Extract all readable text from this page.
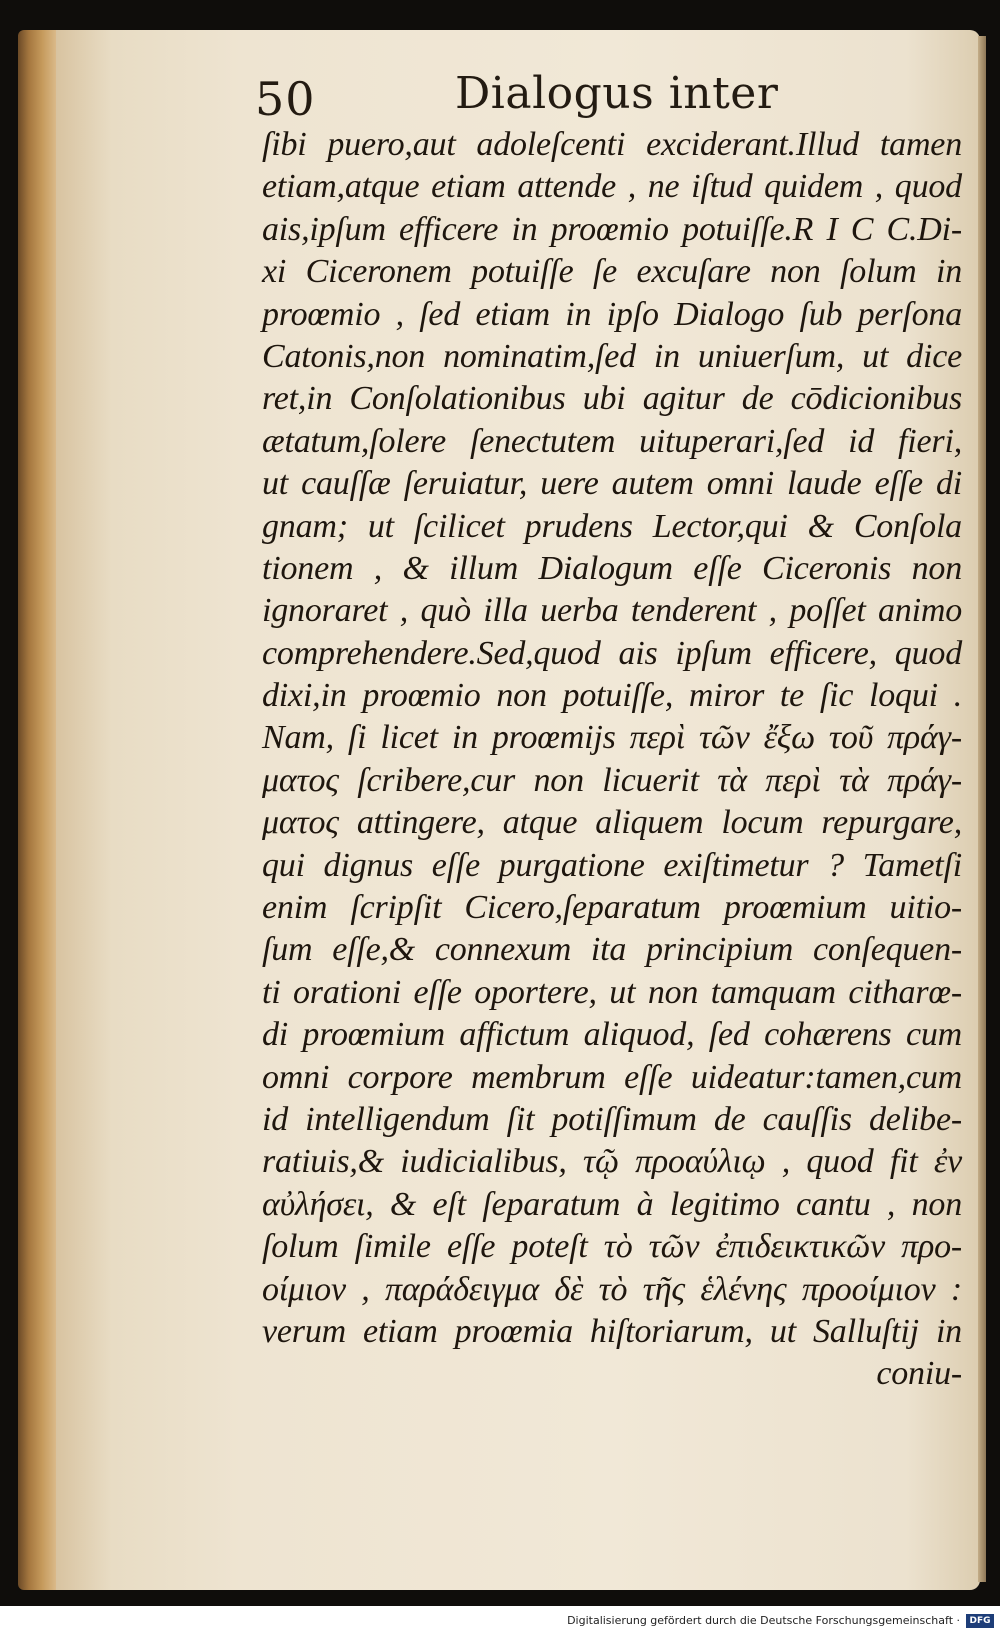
50	Dialogus inter
ſibi puero,aut adoleſcenti exciderant.Illud tamen
etiam,atque etiam attende , ne iſtud quidem , quod
ais,ipſum efficere in proœmio potuiſſe.R I C C.Di-
xi Ciceronem potuiſſe ſe excuſare non ſolum in
proœmio , ſed etiam in ipſo Dialogo ſub perſona
Catonis,non nominatim,ſed in uniuerſum, ut dice
ret,in Conſolationibus ubi agitur de cōdicionibus
ætatum,ſolere ſenectutem uituperari,ſed id fieri,
ut cauſſæ ſeruiatur, uere autem omni laude eſſe di
gnam; ut ſcilicet prudens Lector,qui & Conſola
tionem , & illum Dialogum eſſe Ciceronis non
ignoraret , quò illa uerba tenderent , poſſet animo
comprehendere.Sed,quod ais ipſum efficere, quod
dixi,in proœmio non potuiſſe, miror te ſic loqui .
Nam, ſi licet in proœmijs περὶ τῶν ἔξω τοῦ πράγ-
ματος ſcribere,cur non licuerit τὰ περὶ τὰ πράγ-
ματος attingere, atque aliquem locum repurgare,
qui dignus eſſe purgatione exiſtimetur ? Tametſi
enim ſcripſit Cicero,ſeparatum proœmium uitio-
ſum eſſe,& connexum ita principium conſequen-
ti orationi eſſe oportere, ut non tamquam citharœ-
di proœmium affictum aliquod, ſed cohærens cum
omni corpore membrum eſſe uideatur:tamen,cum
id intelligendum ſit potiſſimum de cauſſis delibe-
ratiuis,& iudicialibus, τῷ προαύλιῳ , quod fit ἐν
αὐλήσει, & eſt ſeparatum à legitimo cantu , non
ſolum ſimile eſſe poteſt τὸ τῶν ἐπιδεικτικῶν προ-
οίμιον , παράδειγμα δὲ τὸ τῆς ἑλένης προοίμιον :
verum etiam proœmia hiſtoriarum, ut Salluſtij in
coniu-
Digitalisierung gefördert durch die Deutsche Forschungsgemeinschaft ·	DFG
